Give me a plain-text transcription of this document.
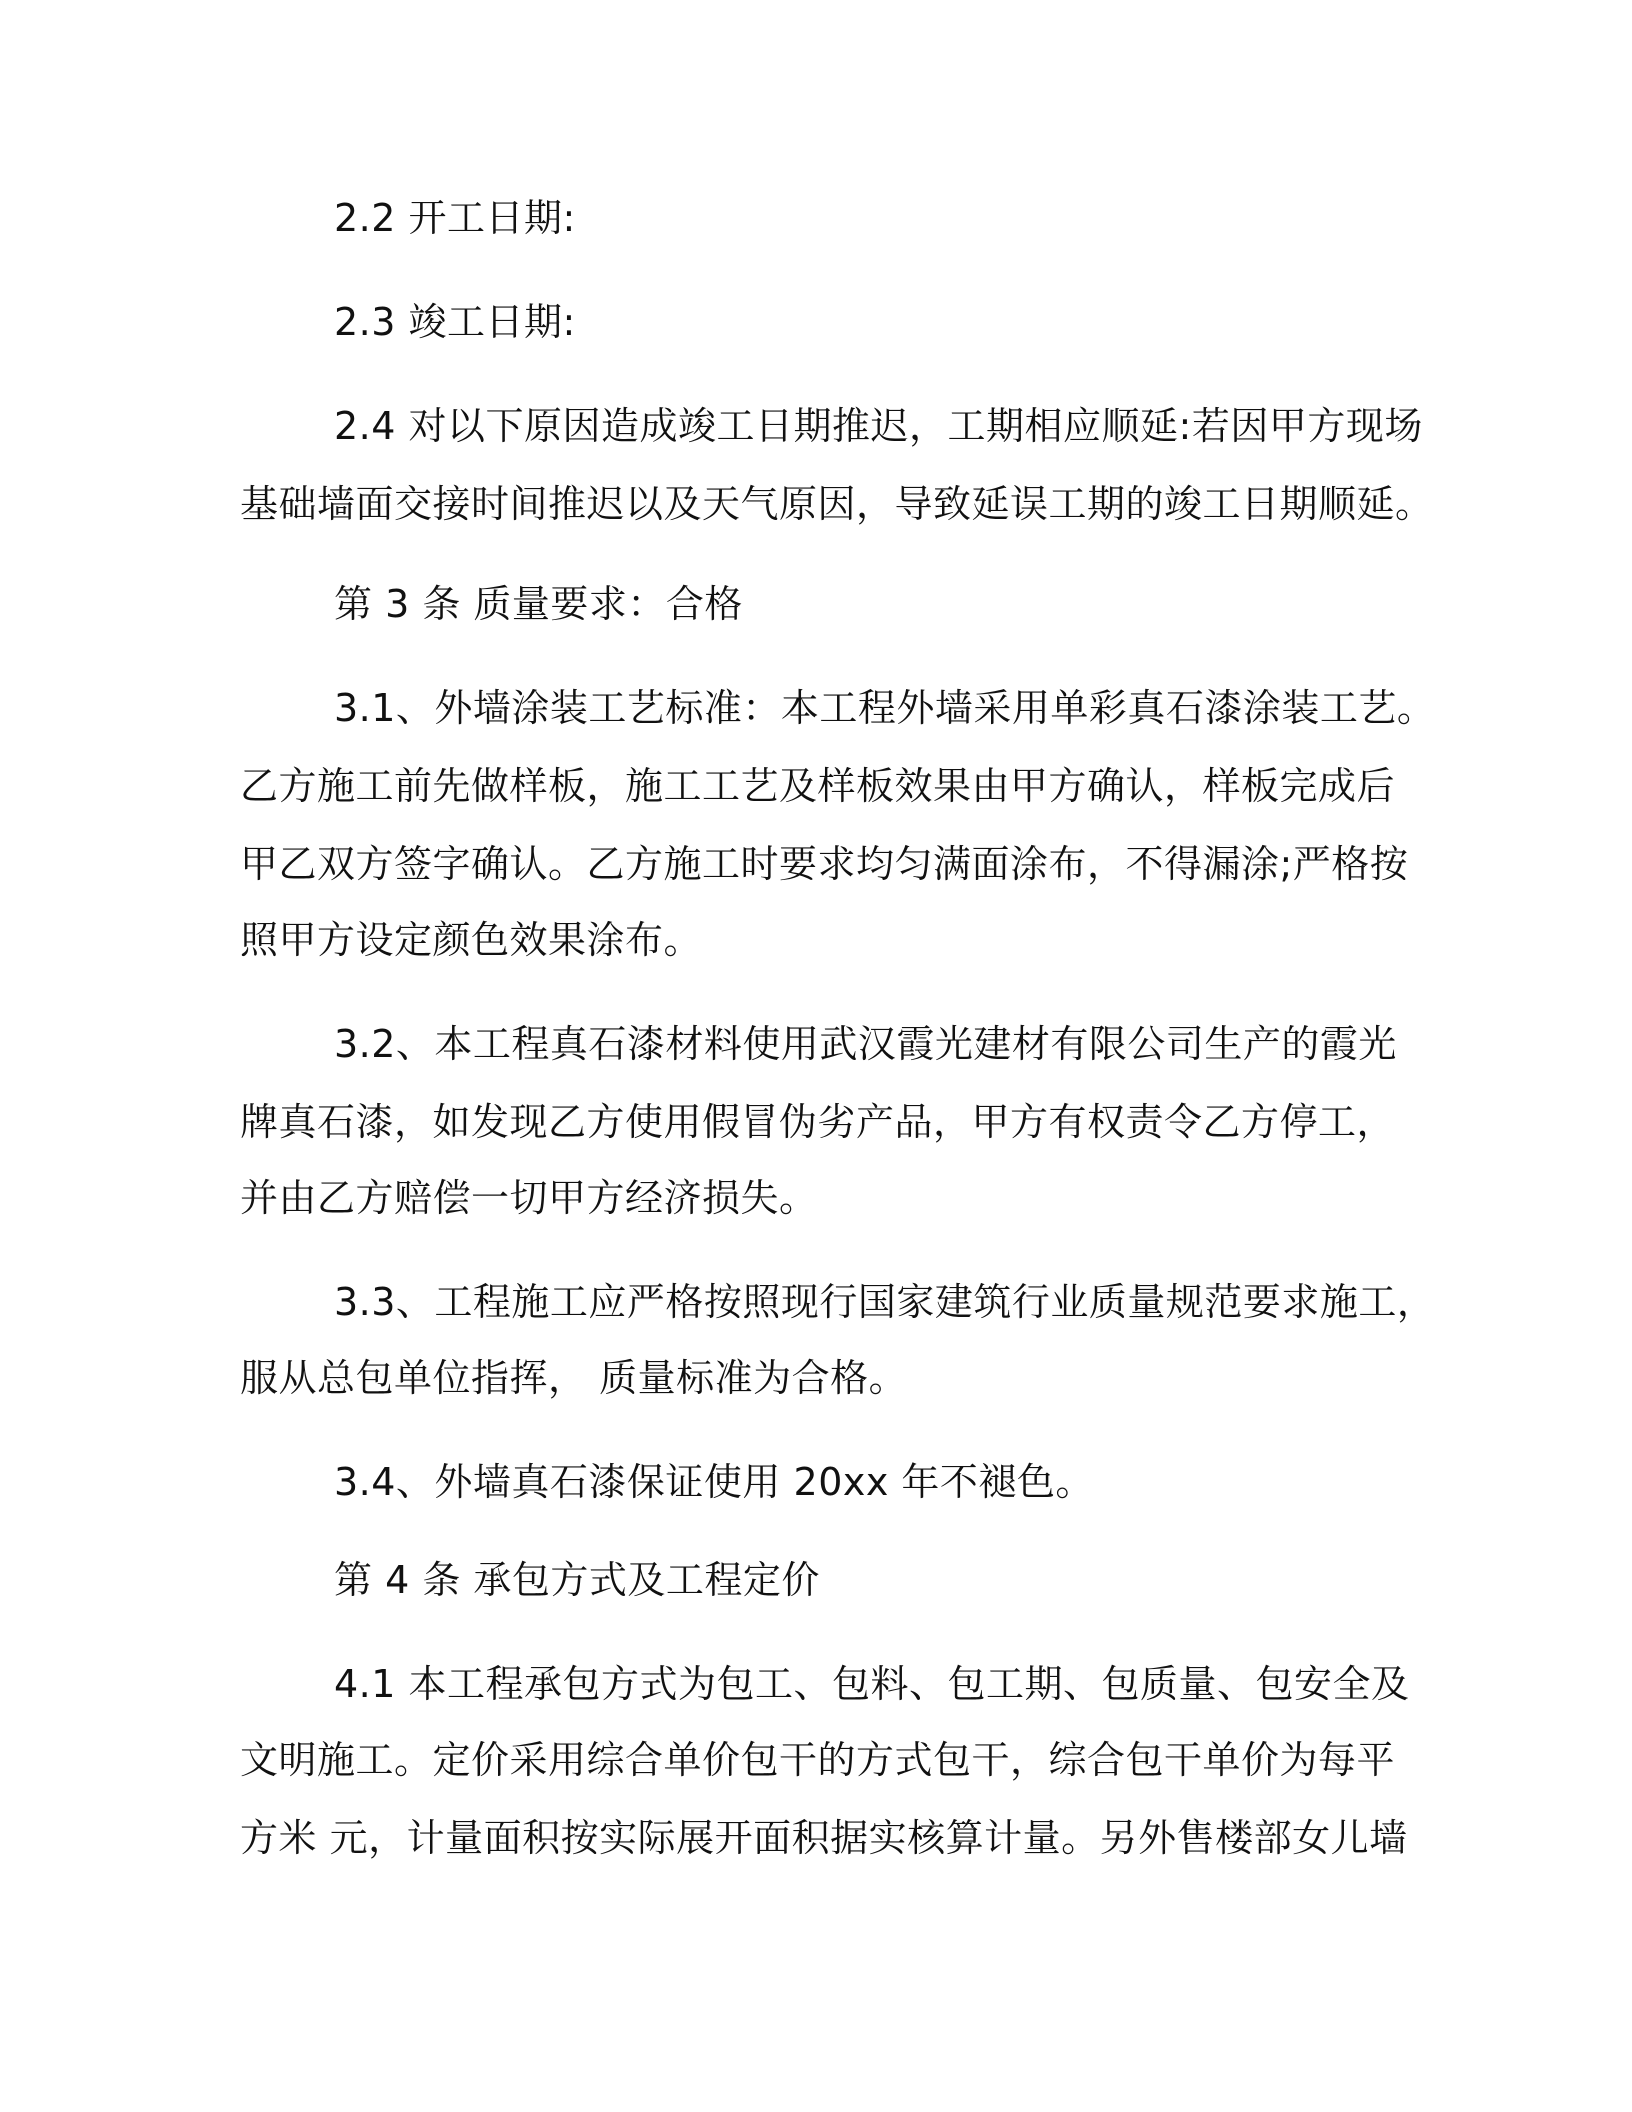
2.2 开工日期:
2.3 竣工日期:
2.4 对以下原因造成竣工日期推迟，工期相应顺延:若因甲方现场
基础墙面交接时间推迟以及天气原因，导致延误工期的竣工日期顺延。
第 3 条 质量要求：合格
3.1、外墙涂装工艺标准：本工程外墙采用单彩真石漆涂装工艺。
乙方施工前先做样板，施工工艺及样板效果由甲方确认，样板完成后
甲乙双方签字确认。乙方施工时要求均匀满面涂布，不得漏涂;严格按
照甲方设定颜色效果涂布。
3.2、本工程真石漆材料使用武汉霞光建材有限公司生产的霞光
牌真石漆，如发现乙方使用假冒伪劣产品，甲方有权责令乙方停工，
并由乙方赔偿一切甲方经济损失。
3.3、工程施工应严格按照现行国家建筑行业质量规范要求施工，
服从总包单位指挥， 质量标准为合格。
3.4、外墙真石漆保证使用 20xx 年不褪色。
第 4 条 承包方式及工程定价
4.1 本工程承包方式为包工、包料、包工期、包质量、包安全及
文明施工。定价采用综合单价包干的方式包干，综合包干单价为每平
方米 元，计量面积按实际展开面积据实核算计量。另外售楼部女儿墙
